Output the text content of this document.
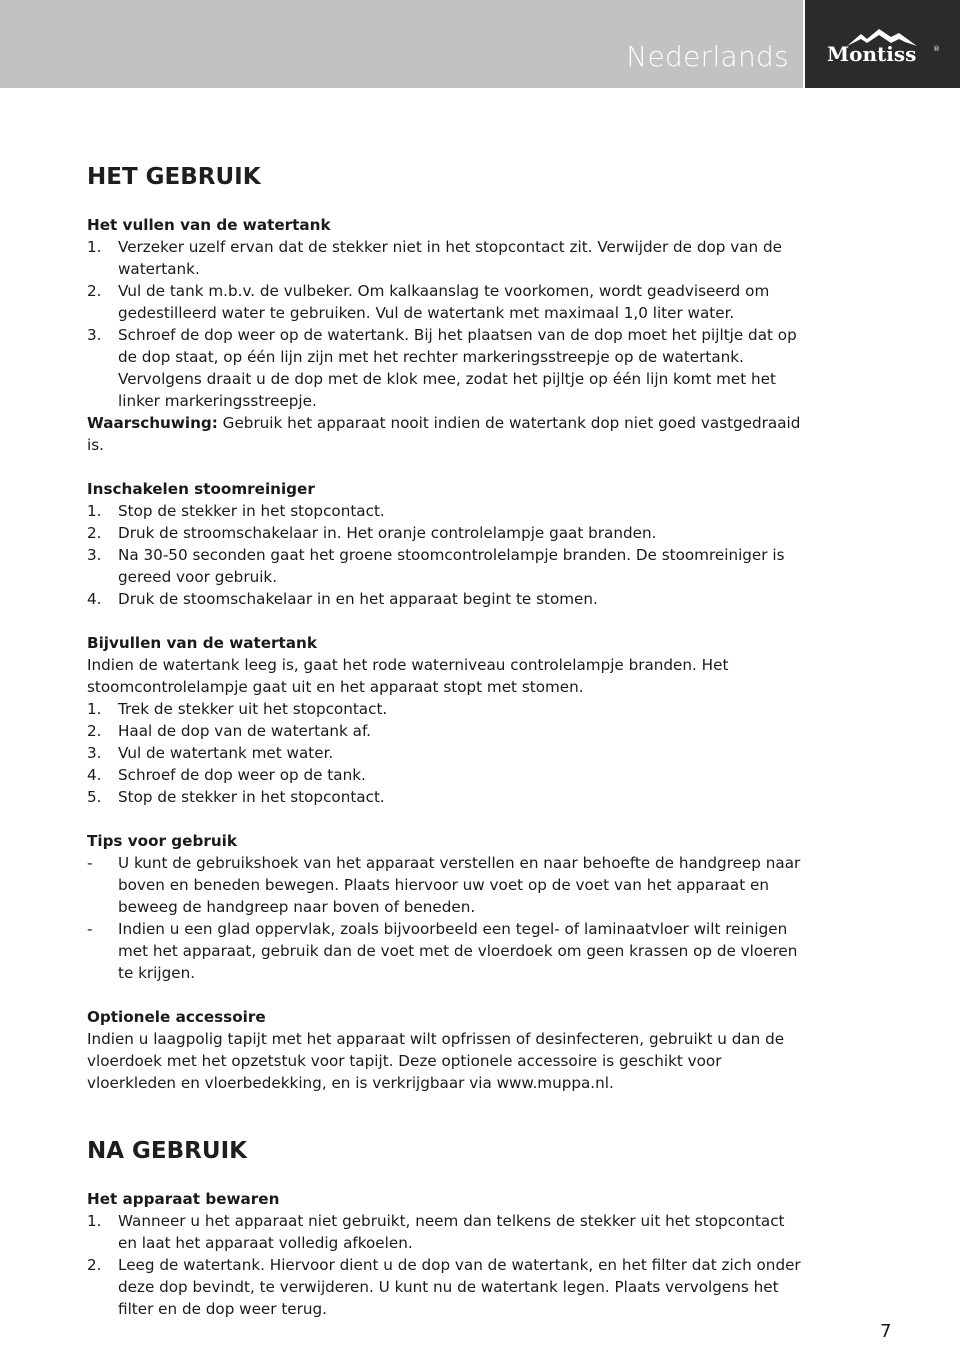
Nederlands Montiss ®
HET GEBRUIK
Het vullen van de watertank
1. Verzeker uzelf ervan dat de stekker niet in het stopcontact zit. Verwijder de dop van de watertank.
2. Vul de tank m.b.v. de vulbeker. Om kalkaanslag te voorkomen, wordt geadviseerd om gedestilleerd water te gebruiken. Vul de watertank met maximaal 1,0 liter water.
3. Schroef de dop weer op de watertank. Bij het plaatsen van de dop moet het pijltje dat op de dop staat, op één lijn zijn met het rechter markeringsstreepje op de watertank. Vervolgens draait u de dop met de klok mee, zodat het pijltje op één lijn komt met het linker markeringsstreepje.

Waarschuwing: Gebruik het apparaat nooit indien de watertank dop niet goed vastgedraaid is.

Inschakelen stoomreiniger
1. Stop de stekker in het stopcontact.
2. Druk de stroomschakelaar in. Het oranje controlelampje gaat branden.
3. Na 30-50 seconden gaat het groene stoomcontrolelampje branden. De stoomreiniger is gereed voor gebruik.
4. Druk de stoomschakelaar in en het apparaat begint te stomen.
Bijvullen van de watertank

Indien de watertank leeg is, gaat het rode waterniveau controlelampje branden. Het stoomcontrolelampje gaat uit en het apparaat stopt met stomen.

1. Trek de stekker uit het stopcontact.
2. Haal de dop van de watertank af.
3. Vul de watertank met water.
4. Schroef de dop weer op de tank.
5. Stop de stekker in het stopcontact.
Tips voor gebruik
- U kunt de gebruikshoek van het apparaat verstellen en naar behoefte de handgreep naar boven en beneden bewegen. Plaats hiervoor uw voet op de voet van het apparaat en beweeg de handgreep naar boven of beneden.
- Indien u een glad oppervlak, zoals bijvoorbeeld een tegel- of laminaatvloer wilt reinigen met het apparaat, gebruik dan de voet met de vloerdoek om geen krassen op de vloeren te krijgen.
Optionele accessoire

Indien u laagpolig tapijt met het apparaat wilt opfrissen of desinfecteren, gebruikt u dan de vloerdoek met het opzetstuk voor tapijt. Deze optionele accessoire is geschikt voor vloerkleden en vloerbedekking, en is verkrijgbaar via www.muppa.nl.

NA GEBRUIK
Het apparaat bewaren
1. Wanneer u het apparaat niet gebruikt, neem dan telkens de stekker uit het stopcontact en laat het apparaat volledig afkoelen.
2. Leeg de watertank. Hiervoor dient u de dop van de watertank, en het filter dat zich onder deze dop bevindt, te verwijderen. U kunt nu de watertank legen. Plaats vervolgens het filter en de dop weer terug.
7
